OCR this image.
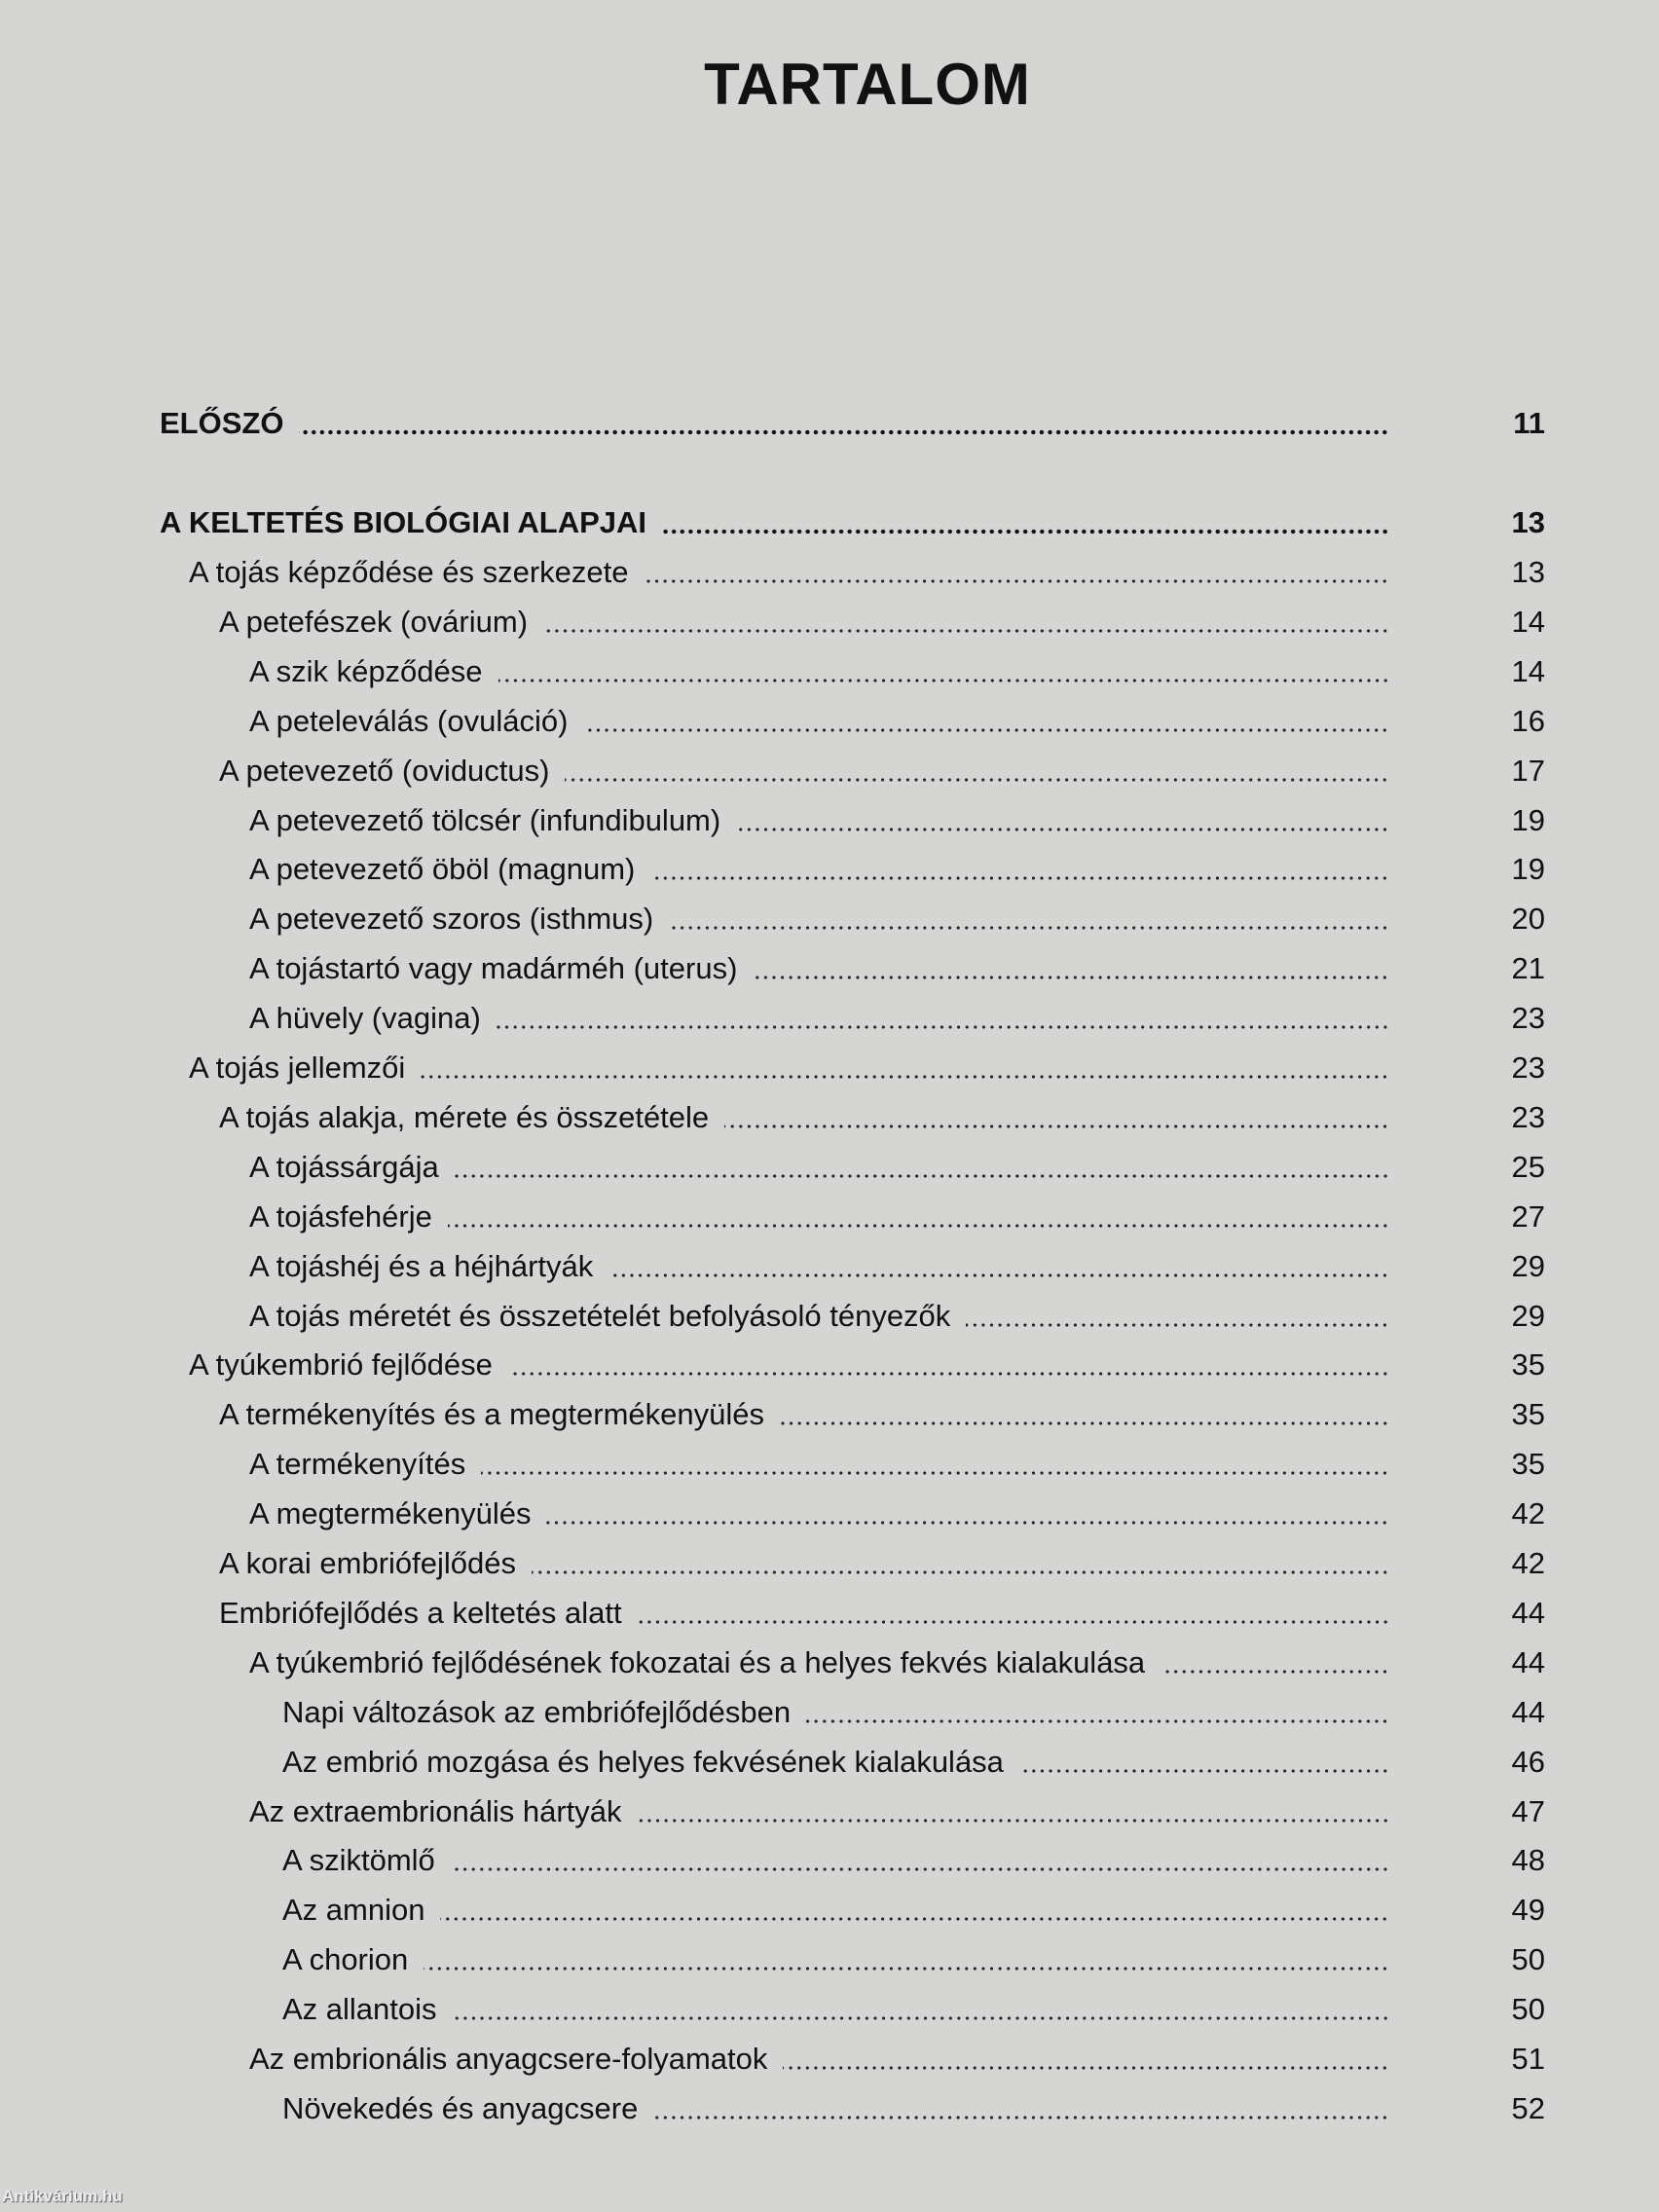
TARTALOM
ELŐSZÓ	11
A KELTETÉS BIOLÓGIAI ALAPJAI	13
A tojás képződése és szerkezete	13
A petefészek (ovárium)	14
A szik képződése	14
A peteleválás (ovuláció)	16
A petevezető (oviductus)	17
A petevezető tölcsér (infundibulum)	19
A petevezető öböl (magnum)	19
A petevezető szoros (isthmus)	20
A tojástartó vagy madárméh (uterus)	21
A hüvely (vagina)	23
A tojás jellemzői	23
A tojás alakja, mérete és összetétele	23
A tojássárgája	25
A tojásfehérje	27
A tojáshéj és a héjhártyák	29
A tojás méretét és összetételét befolyásoló tényezők	29
A tyúkembrió fejlődése	35
A termékenyítés és a megtermékenyülés	35
A termékenyítés	35
A megtermékenyülés	42
A korai embriófejlődés	42
Embriófejlődés a keltetés alatt	44
A tyúkembrió fejlődésének fokozatai és a helyes fekvés kialakulása	44
Napi változások az embriófejlődésben	44
Az embrió mozgása és helyes fekvésének kialakulása	46
Az extraembrionális hártyák	47
A sziktömlő	48
Az amnion	49
A chorion	50
Az allantois	50
Az embrionális anyagcsere-folyamatok	51
Növekedés és anyagcsere	52
Antikvárium.hu
